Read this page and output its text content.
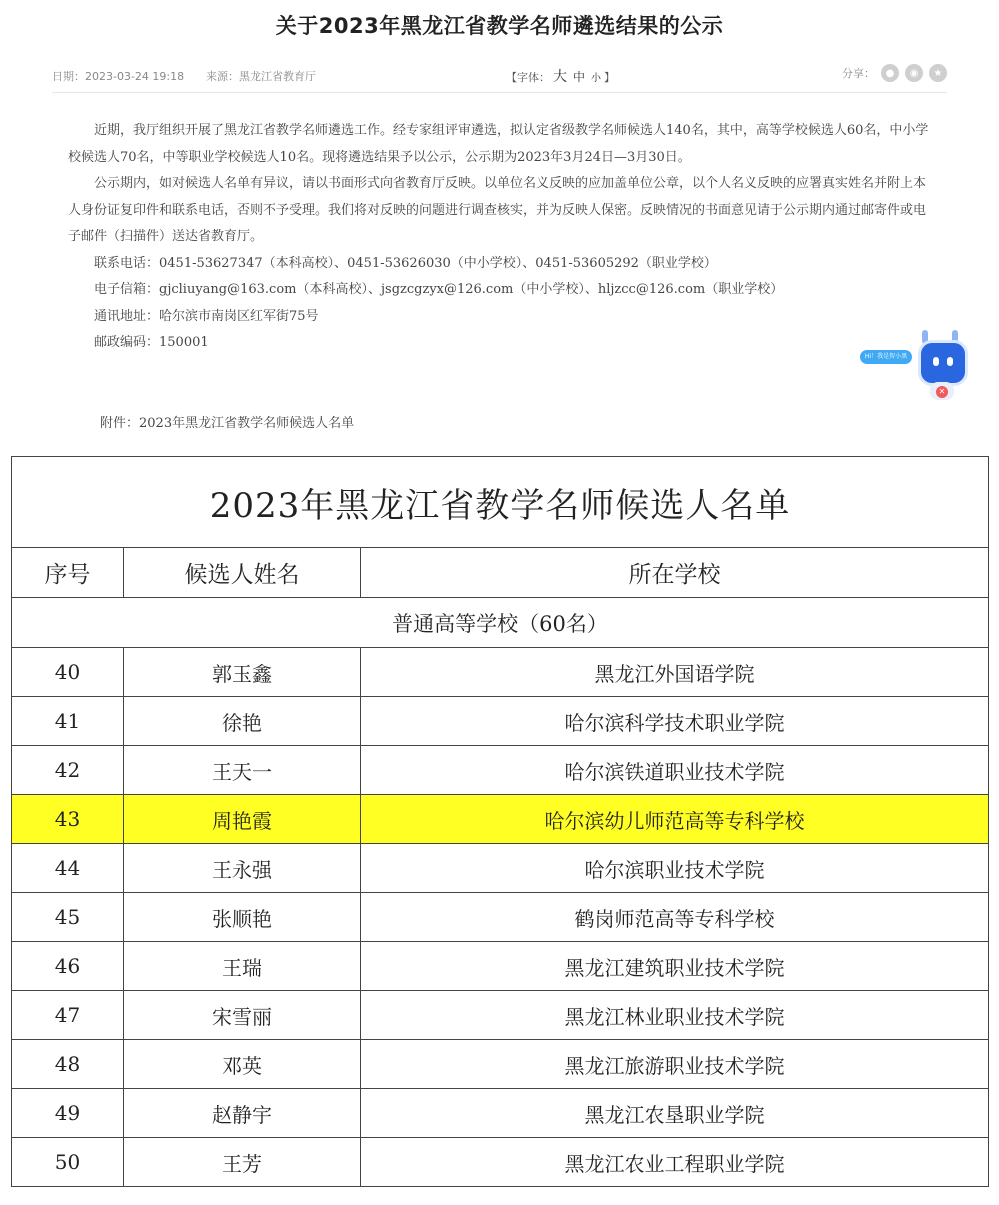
关于2023年黑龙江省教学名师遴选结果的公示
日期：2023-03-24 19:18 来源：黑龙江省教育厅	【字体： 大 中 小 】	分享：	●	◉	★

近期，我厅组织开展了黑龙江省教学名师遴选工作。经专家组评审遴选，拟认定省级教学名师候选人140名，其中，高等学校候选人60名，中小学校候选人70名，中等职业学校候选人10名。现将遴选结果予以公示，公示期为2023年3月24日—3月30日。

公示期内，如对候选人名单有异议，请以书面形式向省教育厅反映。以单位名义反映的应加盖单位公章，以个人名义反映的应署真实姓名并附上本人身份证复印件和联系电话，否则不予受理。我们将对反映的问题进行调查核实，并为反映人保密。反映情况的书面意见请于公示期内通过邮寄件或电子邮件（扫描件）送达省教育厅。

联系电话：0451-53627347（本科高校）、0451-53626030（中小学校）、0451-53605292（职业学校）
电子信箱：gjcliuyang@163.com（本科高校）、jsgzcgzyx@126.com（中小学校）、hljzcc@126.com（职业学校）
通讯地址：哈尔滨市南岗区红军街75号
邮政编码：150001
附件：2023年黑龙江省教学名师候选人名单
Hi！我是智小黑
✕
2023年黑龙江省教学名师候选人名单		
序号	候选人姓名	所在学校
普通高等学校（60名）		
40	郭玉鑫	黑龙江外国语学院
41	徐艳	哈尔滨科学技术职业学院
42	王天一	哈尔滨铁道职业技术学院
43	周艳霞	哈尔滨幼儿师范高等专科学校
44	王永强	哈尔滨职业技术学院
45	张顺艳	鹤岗师范高等专科学校
46	王瑞	黑龙江建筑职业技术学院
47	宋雪丽	黑龙江林业职业技术学院
48	邓英	黑龙江旅游职业技术学院
49	赵静宇	黑龙江农垦职业学院
50	王芳	黑龙江农业工程职业学院
